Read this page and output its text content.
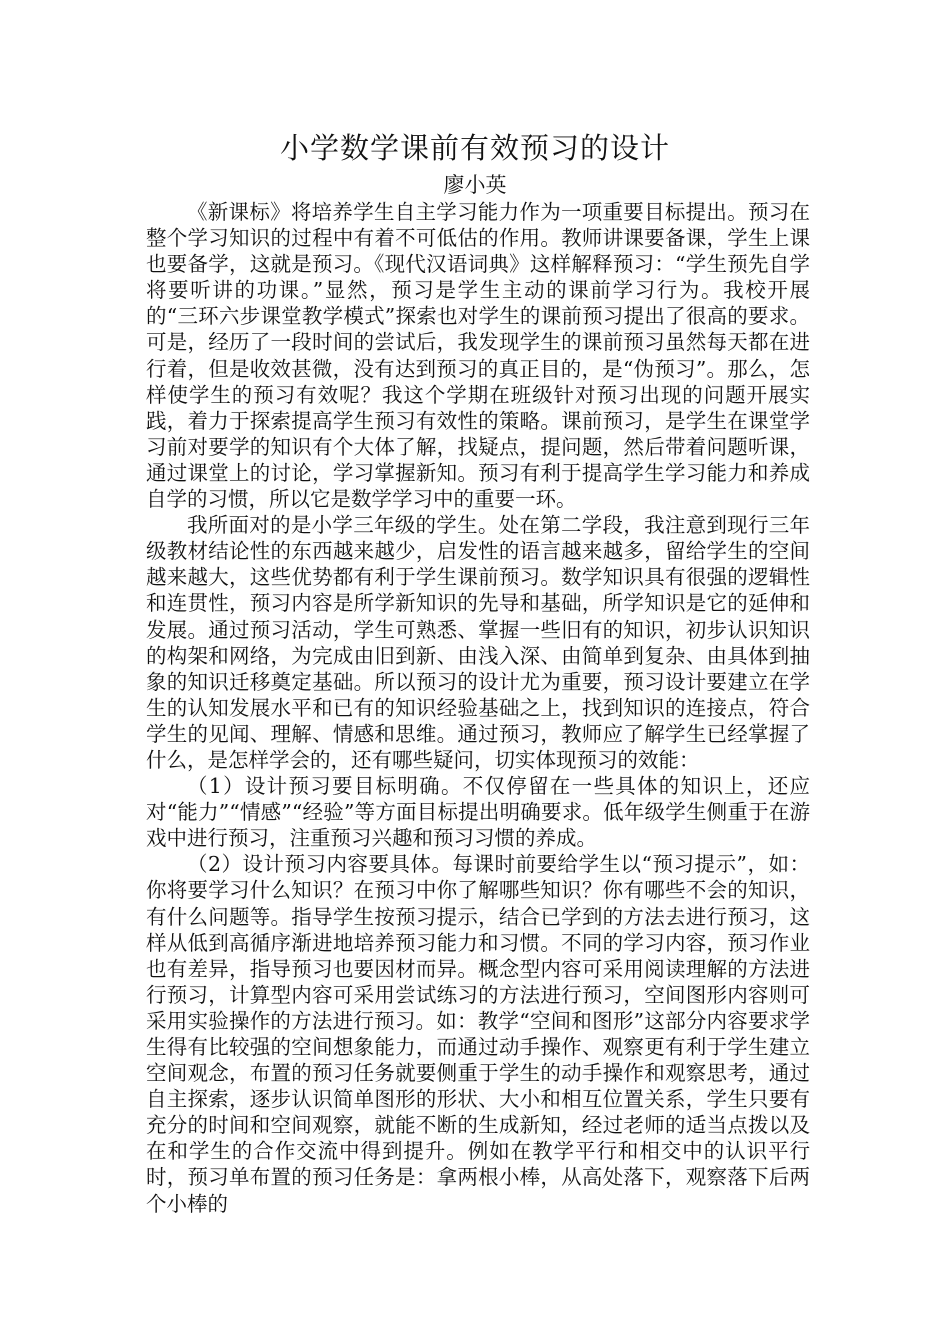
小学数学课前有效预习的设计
廖小英

《新课标》将培养学生自主学习能力作为一项重要目标提出。预习在整个学习知识的过程中有着不可低估的作用。教师讲课要备课，学生上课也要备学，这就是预习。《现代汉语词典》这样解释预习：“学生预先自学将要听讲的功课。”显然，预习是学生主动的课前学习行为。我校开展的“三环六步课堂教学模式”探索也对学生的课前预习提出了很高的要求。可是，经历了一段时间的尝试后，我发现学生的课前预习虽然每天都在进行着，但是收效甚微，没有达到预习的真正目的，是“伪预习”。那么，怎样使学生的预习有效呢？我这个学期在班级针对预习出现的问题开展实践，着力于探索提高学生预习有效性的策略。课前预习，是学生在课堂学习前对要学的知识有个大体了解，找疑点，提问题，然后带着问题听课，通过课堂上的讨论，学习掌握新知。预习有利于提高学生学习能力和养成自学的习惯，所以它是数学学习中的重要一环。

我所面对的是小学三年级的学生。处在第二学段，我注意到现行三年级教材结论性的东西越来越少，启发性的语言越来越多，留给学生的空间越来越大，这些优势都有利于学生课前预习。数学知识具有很强的逻辑性和连贯性，预习内容是所学新知识的先导和基础，所学知识是它的延伸和发展。通过预习活动，学生可熟悉、掌握一些旧有的知识，初步认识知识的构架和网络，为完成由旧到新、由浅入深、由简单到复杂、由具体到抽象的知识迁移奠定基础。所以预习的设计尤为重要，预习设计要建立在学生的认知发展水平和已有的知识经验基础之上，找到知识的连接点，符合学生的见闻、理解、情感和思维。通过预习，教师应了解学生已经掌握了什么，是怎样学会的，还有哪些疑问，切实体现预习的效能：

（1）设计预习要目标明确。不仅停留在一些具体的知识上，还应对“能力”“情感”“经验”等方面目标提出明确要求。低年级学生侧重于在游戏中进行预习，注重预习兴趣和预习习惯的养成。

（2）设计预习内容要具体。每课时前要给学生以“预习提示”，如：你将要学习什么知识？在预习中你了解哪些知识？你有哪些不会的知识，有什么问题等。指导学生按预习提示，结合已学到的方法去进行预习，这样从低到高循序渐进地培养预习能力和习惯。不同的学习内容，预习作业也有差异，指导预习也要因材而异。概念型内容可采用阅读理解的方法进行预习，计算型内容可采用尝试练习的方法进行预习，空间图形内容则可采用实验操作的方法进行预习。如：教学“空间和图形”这部分内容要求学生得有比较强的空间想象能力，而通过动手操作、观察更有利于学生建立空间观念，布置的预习任务就要侧重于学生的动手操作和观察思考，通过自主探索，逐步认识简单图形的形状、大小和相互位置关系，学生只要有充分的时间和空间观察，就能不断的生成新知，经过老师的适当点拨以及在和学生的合作交流中得到提升。例如在教学平行和相交中的认识平行时，预习单布置的预习任务是：拿两根小棒，从高处落下，观察落下后两个小棒的
